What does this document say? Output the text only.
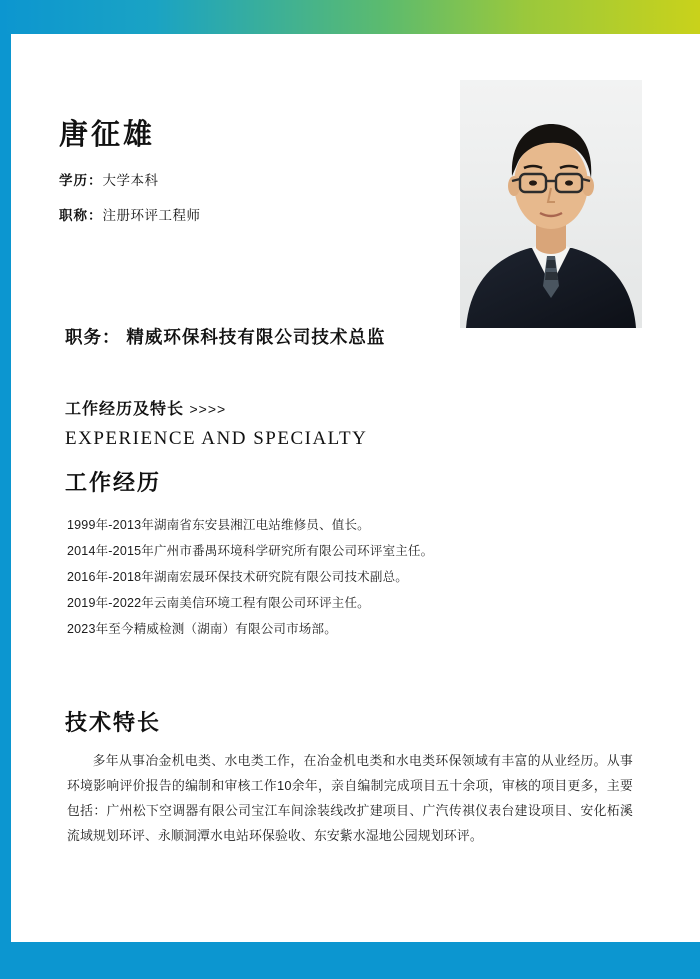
唐征雄
学历：大学本科
职称：注册环评工程师
职务： 精威环保科技有限公司技术总监
工作经历及特长 >>>>
EXPERIENCE AND SPECIALTY
工作经历
1999年-2013年湖南省东安县湘江电站维修员、值长。
2014年-2015年广州市番禺环境科学研究所有限公司环评室主任。
2016年-2018年湖南宏晟环保技术研究院有限公司技术副总。
2019年-2022年云南美信环境工程有限公司环评主任。
2023年至今精威检测（湖南）有限公司市场部。
技术特长
多年从事冶金机电类、水电类工作，在冶金机电类和水电类环保领域有丰富的从业经历。从事环境影响评价报告的编制和审核工作10余年，亲自编制完成项目五十余项，审核的项目更多，主要包括：广州松下空调器有限公司宝江车间涂装线改扩建项目、广汽传祺仪表台建设项目、安化柘溪流域规划环评、永顺洞潭水电站环保验收、东安紫水湿地公园规划环评。
